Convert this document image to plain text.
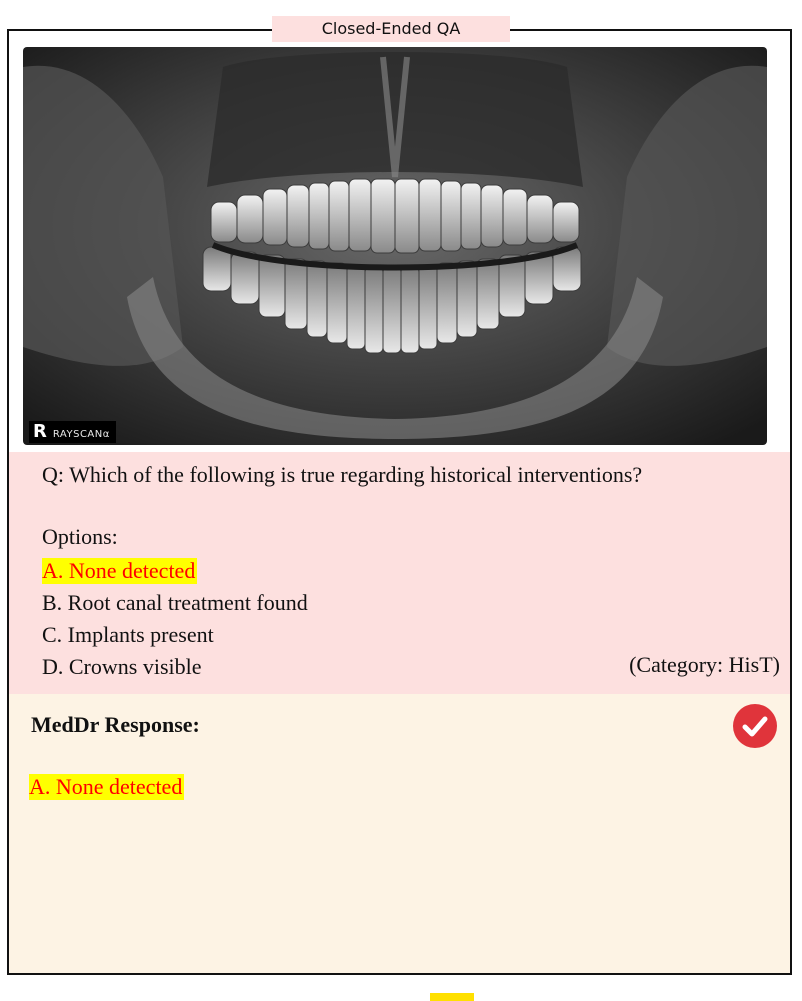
Closed-Ended QA
R RAYSCANα
Q: Which of the following is true regarding historical interventions?
Options:
A. None detected
B. Root canal treatment found
C. Implants present
D. Crowns visible	(Category: HisT)
MedDr Response:
A. None detected
